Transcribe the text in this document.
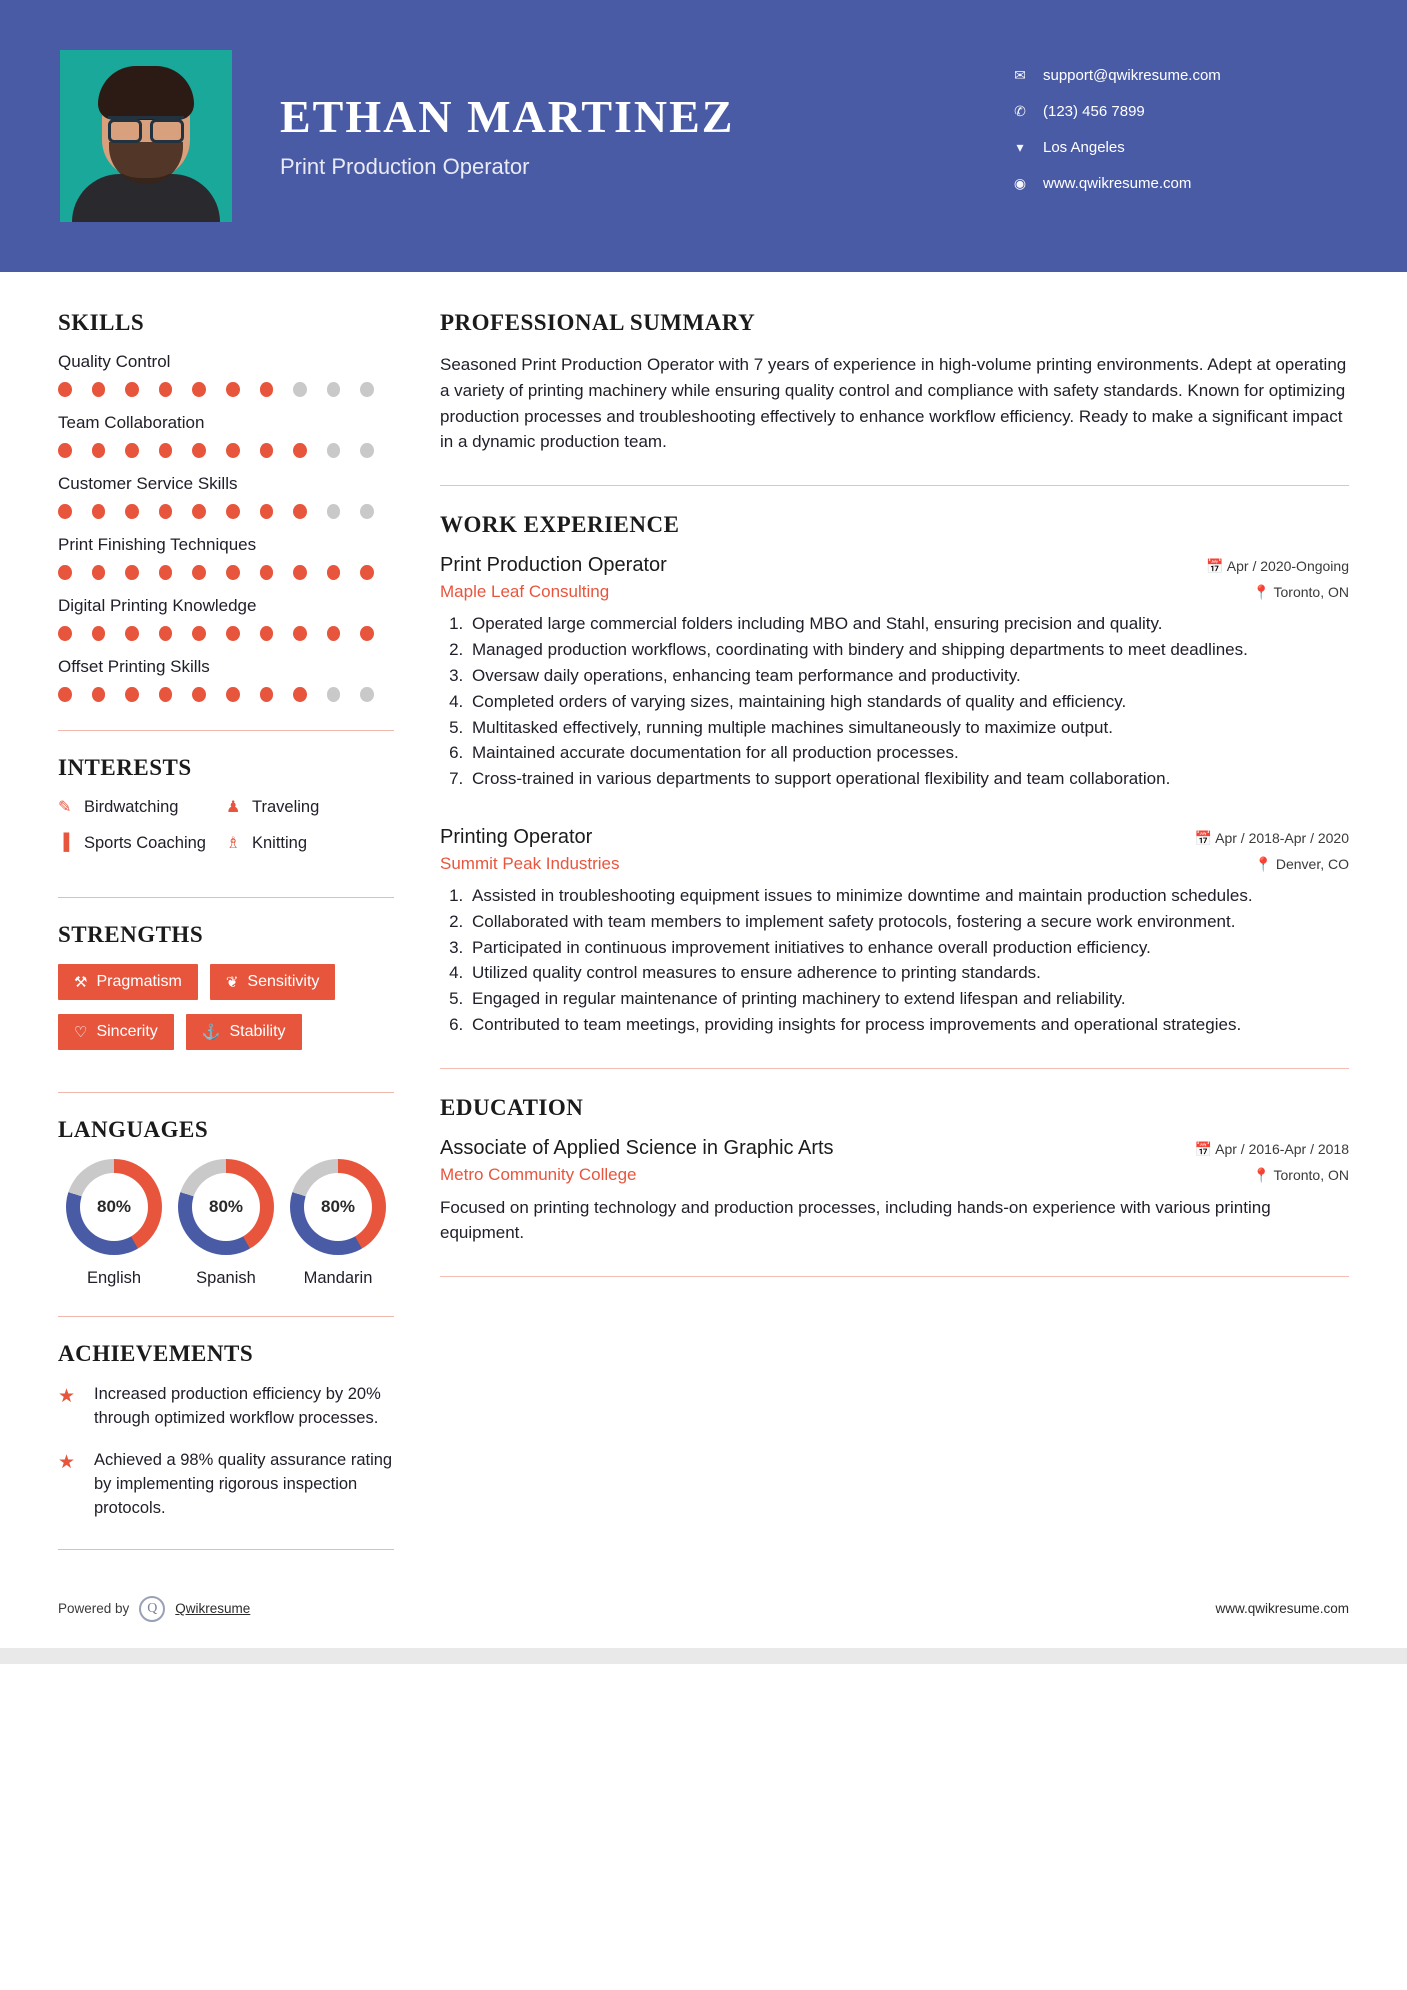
ETHAN MARTINEZ
Print Production Operator
✉	support@qwikresume.com
✆	(123) 456 7899
▾	Los Angeles
◉	www.qwikresume.com
SKILLS
Quality Control
Team Collaboration
Customer Service Skills
Print Finishing Techniques
Digital Printing Knowledge
Offset Printing Skills
INTERESTS
✎ Birdwatching	♟ Traveling
▐ Sports Coaching ♗ Knitting
STRENGTHS
⚒ Pragmatism	❦ Sensitivity
♡ Sincerity	⚓ Stability
LANGUAGES
80%
English
80%
Spanish
80%
Mandarin
ACHIEVEMENTS
★	Increased production efficiency by 20% through optimized workflow processes.
★	Achieved a 98% quality assurance rating by implementing rigorous inspection protocols.
PROFESSIONAL SUMMARY
Seasoned Print Production Operator with 7 years of experience in high-volume printing environments. Adept at operating a variety of printing machinery while ensuring quality control and compliance with safety standards. Known for optimizing production processes and troubleshooting effectively to enhance workflow efficiency. Ready to make a significant impact in a dynamic production team.
WORK EXPERIENCE
Print Production Operator	📅 Apr / 2020-Ongoing
Maple Leaf Consulting	📍 Toronto, ON
1. Operated large commercial folders including MBO and Stahl, ensuring precision and quality.
2. Managed production workflows, coordinating with bindery and shipping departments to meet deadlines.
3. Oversaw daily operations, enhancing team performance and productivity.
4. Completed orders of varying sizes, maintaining high standards of quality and efficiency.
5. Multitasked effectively, running multiple machines simultaneously to maximize output.
6. Maintained accurate documentation for all production processes.
7. Cross-trained in various departments to support operational flexibility and team collaboration.
Printing Operator	📅 Apr / 2018-Apr / 2020
Summit Peak Industries	📍 Denver, CO
1. Assisted in troubleshooting equipment issues to minimize downtime and maintain production schedules.
2. Collaborated with team members to implement safety protocols, fostering a secure work environment.
3. Participated in continuous improvement initiatives to enhance overall production efficiency.
4. Utilized quality control measures to ensure adherence to printing standards.
5. Engaged in regular maintenance of printing machinery to extend lifespan and reliability.
6. Contributed to team meetings, providing insights for process improvements and operational strategies.
EDUCATION
Associate of Applied Science in Graphic Arts	📅 Apr / 2016-Apr / 2018
Metro Community College	📍 Toronto, ON
Focused on printing technology and production processes, including hands-on experience with various printing equipment.
Powered by	Q	Qwikresume	www.qwikresume.com
